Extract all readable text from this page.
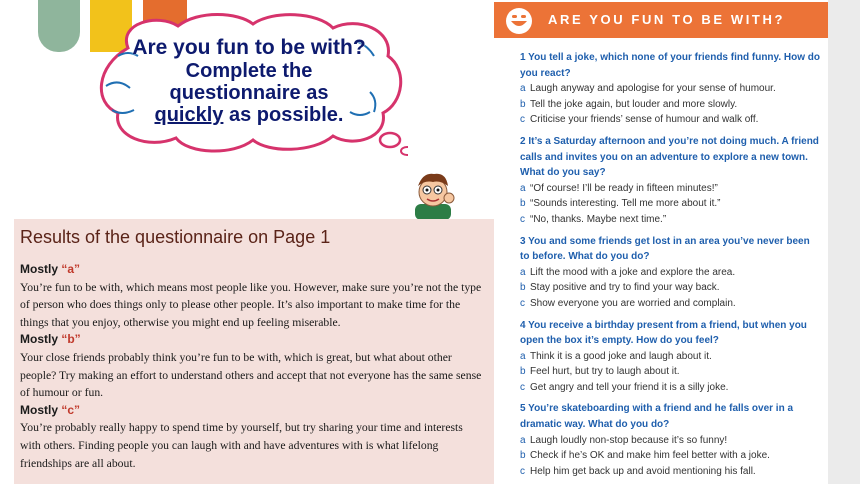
Are you fun to be with?
Complete the
questionnaire as
quickly as possible.
Results of the questionnaire on Page 1

Mostly “a”

You’re fun to be with, which means most people like you. However, make sure you’re not the type of person who does things only to please other people. It’s also important to make time for the things that you enjoy, otherwise you might end up feeling miserable.

Mostly “b”

Your close friends probably think you’re fun to be with, which is great, but what about other people? Try making an effort to understand others and accept that not everyone has the same sense of humour or fun.

Mostly “c”

You’re probably really happy to spend time by yourself, but try sharing your time and interests with others. Finding people you can laugh with and have adventures with is what lifelong friendships are all about.

ARE YOU FUN TO BE WITH?
1 You tell a joke, which none of your friends find funny. How do you react?
a Laugh anyway and apologise for your sense of humour.
b Tell the joke again, but louder and more slowly.
c Criticise your friends’ sense of humour and walk off.
2 It’s a Saturday afternoon and you’re not doing much. A friend calls and invites you on an adventure to explore a new town. What do you say?
a “Of course! I’ll be ready in fifteen minutes!”
b “Sounds interesting. Tell me more about it.”
c “No, thanks. Maybe next time.”
3 You and some friends get lost in an area you’ve never been to before. What do you do?
a Lift the mood with a joke and explore the area.
b Stay positive and try to find your way back.
c Show everyone you are worried and complain.
4 You receive a birthday present from a friend, but when you open the box it’s empty. How do you feel?
a Think it is a good joke and laugh about it.
b Feel hurt, but try to laugh about it.
c Get angry and tell your friend it is a silly joke.
5 You’re skateboarding with a friend and he falls over in a dramatic way. What do you do?
a Laugh loudly non-stop because it’s so funny!
b Check if he’s OK and make him feel better with a joke.
c Help him get back up and avoid mentioning his fall.
